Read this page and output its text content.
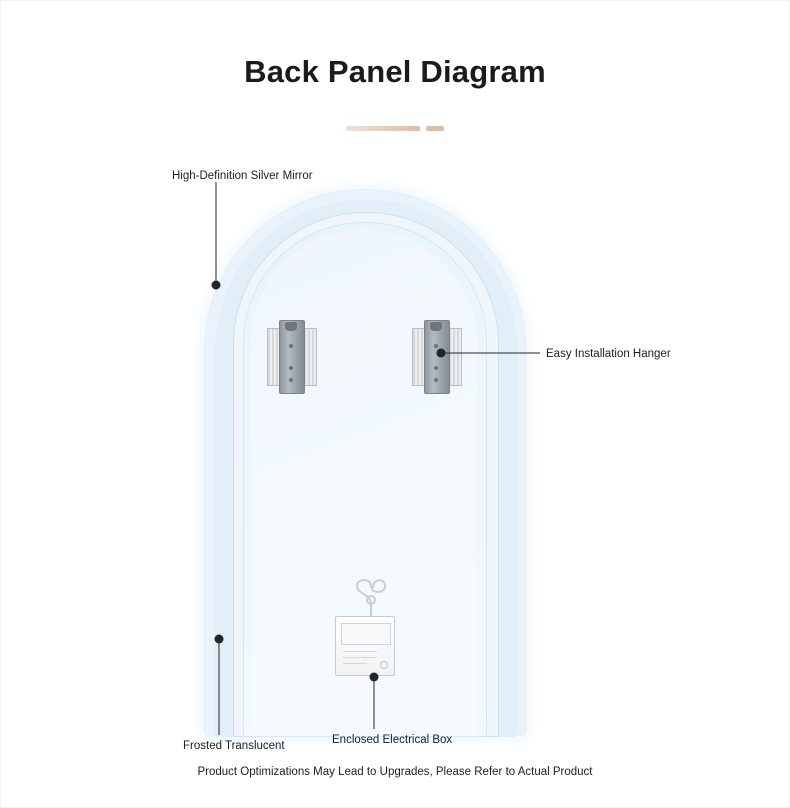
Back Panel Diagram
High-Definition Silver Mirror
Easy Installation Hanger
Frosted Translucent	Enclosed Electrical Box
Product Optimizations May Lead to Upgrades, Please Refer to Actual Product
